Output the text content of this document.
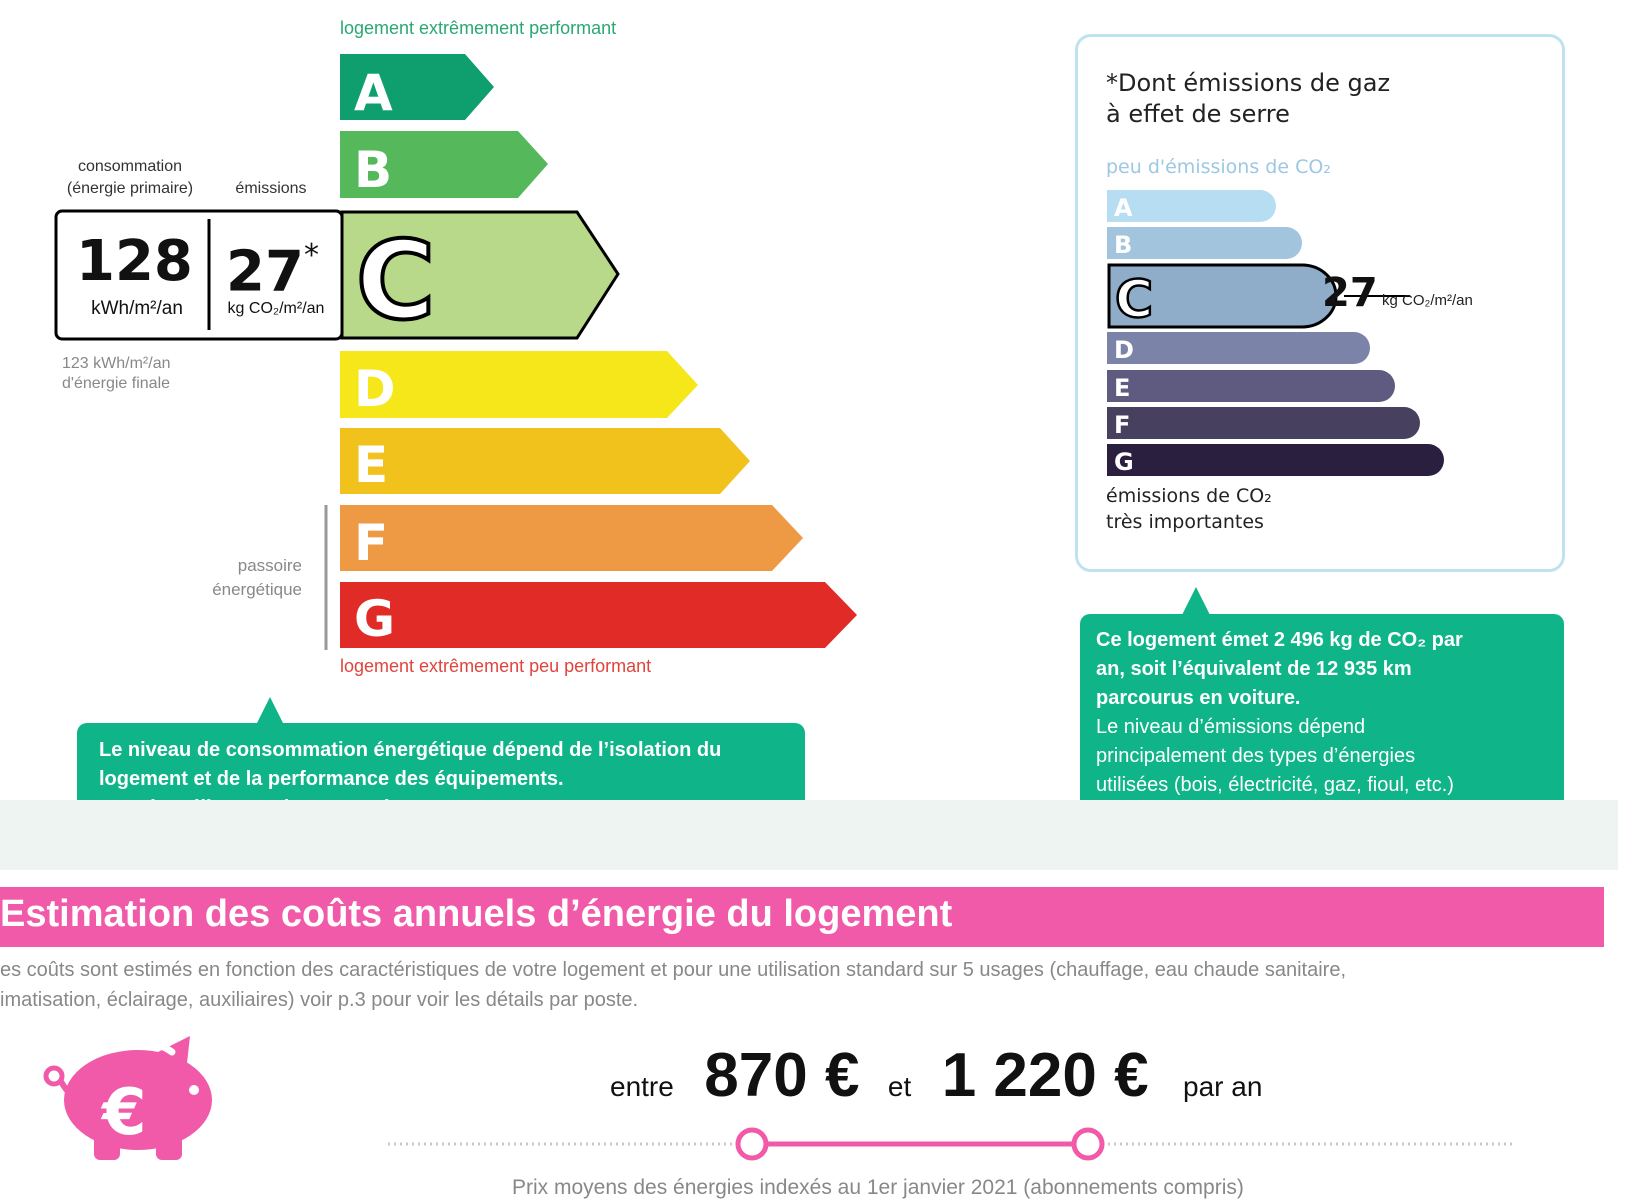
logement extrêmement performant
A
B
C
D
E
F
G
consommation
(énergie primaire)	émissions
128
kWh/m²/an
27*
kg CO₂/m²/an
123 kWh/m²/an
d'énergie finale
passoire
énergétique
logement extrêmement peu performant
Le niveau de consommation énergétique dépend de l’isolation du
logement et de la performance des équipements.
*Dont émissions de gaz
à effet de serre
peu d'émissions de CO₂
A
B
C
D
E
F
G
27 kg CO₂/m²/an
émissions de CO₂
très importantes
Ce logement émet 2 496 kg de CO₂ par
an, soit l’équivalent de 12 935 km
parcourus en voiture.
Le niveau d’émissions dépend
principalement des types d’énergies
utilisées (bois, électricité, gaz, fioul, etc.)
Estimation des coûts annuels d’énergie du logement
es coûts sont estimés en fonction des caractéristiques de votre logement et pour une utilisation standard sur 5 usages (chauffage, eau chaude sanitaire,
imatisation, éclairage, auxiliaires) voir p.3 pour voir les détails par poste.
€	entre 870 € et 1 220 € par an
Prix moyens des énergies indexés au 1er janvier 2021 (abonnements compris)
